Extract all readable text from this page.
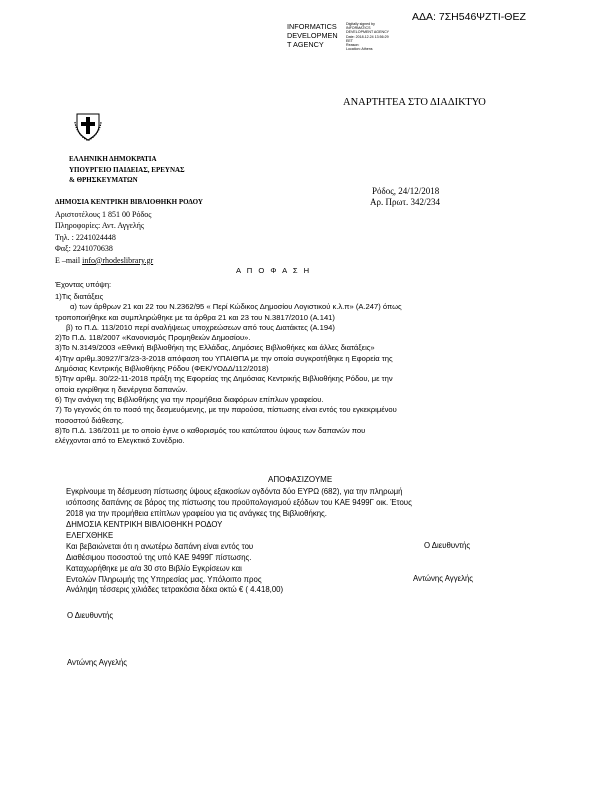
ΑΔΑ: 7ΣΗ546ΨΖΤΙ-ΘΕΖ
INFORMATICS
DEVELOPMEN
T AGENCY
Digitally signed by
INFORMATICS
DEVELOPMENT AGENCY
Date: 2018.12.24 13:56:29
EET
Reason:
Location: Athens
ΑΝΑΡΤΗΤΕΑ ΣΤΟ ΔΙΑΔΙΚΤΥΟ
ΕΛΛΗΝΙΚΗ ΔΗΜΟΚΡΑΤΙΑ
ΥΠΟΥΡΓΕΙΟ ΠΑΙΔΕΙΑΣ, ΕΡΕΥΝΑΣ
& ΘΡΗΣΚΕΥΜΑΤΩΝ
Ρόδος, 24/12/2018
Αρ. Πρωτ. 342/234
ΔΗΜΟΣΙΑ ΚΕΝΤΡΙΚΗ ΒΙΒΛΙΟΘΗΚΗ ΡΟΔΟΥ
Αριστοτέλους 1 851 00 Ρόδος
Πληροφορίες: Αντ. Αγγελής
Τηλ. : 2241024448
Φαξ: 2241070638
E –mail info@rhodeslibrary.gr
Α Π Ο Φ Α Σ Η
Έχοντας υπόψη:
1)Τις διατάξεις
α) των άρθρων 21 και 22 του Ν.2362/95 « Περί Κώδικος Δημοσίου Λογιστικού κ.λ.π» (Α.247) όπως
τροποποιήθηκε και συμπληρώθηκε με τα άρθρα 21 και 23 του Ν.3817/2010 (Α.141)
β) το Π.Δ. 113/2010 περί αναλήψεως υποχρεώσεων από τους Διατάκτες (Α.194)
2)Το Π.Δ. 118/2007 «Κανονισμός Προμηθειών Δημοσίου».
3)Το Ν.3149/2003 «Εθνική Βιβλιοθήκη της Ελλάδας, Δημόσιες Βιβλιοθήκες και άλλες διατάξεις»
4)Την αριθμ.30927/Γ3/23-3-2018 απόφαση του ΥΠΑΙΘΠΑ με την οποία συγκροτήθηκε η Εφορεία της
Δημόσιας Κεντρικής Βιβλιοθήκης Ρόδου (ΦΕΚ/ΥΟΔΔ/112/2018)
5)Την αριθμ. 30/22-11-2018 πράξη της Εφορείας της Δημόσιας Κεντρικής Βιβλιοθήκης Ρόδου, με την
οποία εγκρίθηκε η διενέργεια δαπανών.
6) Την ανάγκη της Βιβλιοθήκης για την προμήθεια διαφόρων επίπλων γραφείου.
7) Το γεγονός ότι το ποσό της δεσμευόμενης, με την παρούσα, πίστωσης είναι εντός του εγκεκριμένου
ποσοστού διάθεσης.
8)Το Π.Δ. 136/2011 με το οποίο έγινε ο καθορισμός του κατώτατου ύψους των δαπανών που
ελέγχονται από το Ελεγκτικό Συνέδριο.
ΑΠΟΦΑΣΙΖΟΥΜΕ
Εγκρίνουμε τη δέσμευση πίστωσης ύψους εξακοσίων ογδόντα δύο ΕΥΡΩ (682), για την πληρωμή
ισόποσης δαπάνης σε βάρος της πίστωσης του προϋπολογισμού εξόδων του ΚΑΕ 9499Γ οικ. Έτους
2018 για την προμήθεια επίπλων γραφείου για τις ανάγκες της Βιβλιοθήκης.
ΔΗΜΟΣΙΑ ΚΕΝΤΡΙΚΗ ΒΙΒΛΙΟΘΗΚΗ ΡΟΔΟΥ
ΕΛΕΓΧΘΗΚΕ
Και βεβαιώνεται ότι η ανωτέρω δαπάνη είναι εντός του
Διαθέσιμου ποσοστού της υπό ΚΑΕ 9499Γ πίστωσης.
Καταχωρήθηκε με α/α 30 στο Βιβλίο Εγκρίσεων και
Εντολών Πληρωμής της Υπηρεσίας μας. Υπόλοιπο προς
Ανάληψη τέσσερις χιλιάδες τετρακόσια δέκα οκτώ € ( 4.418,00)
Ο Διευθυντής
Αντώνης Αγγελής
Ο Διευθυντής
Αντώνης Αγγελής
